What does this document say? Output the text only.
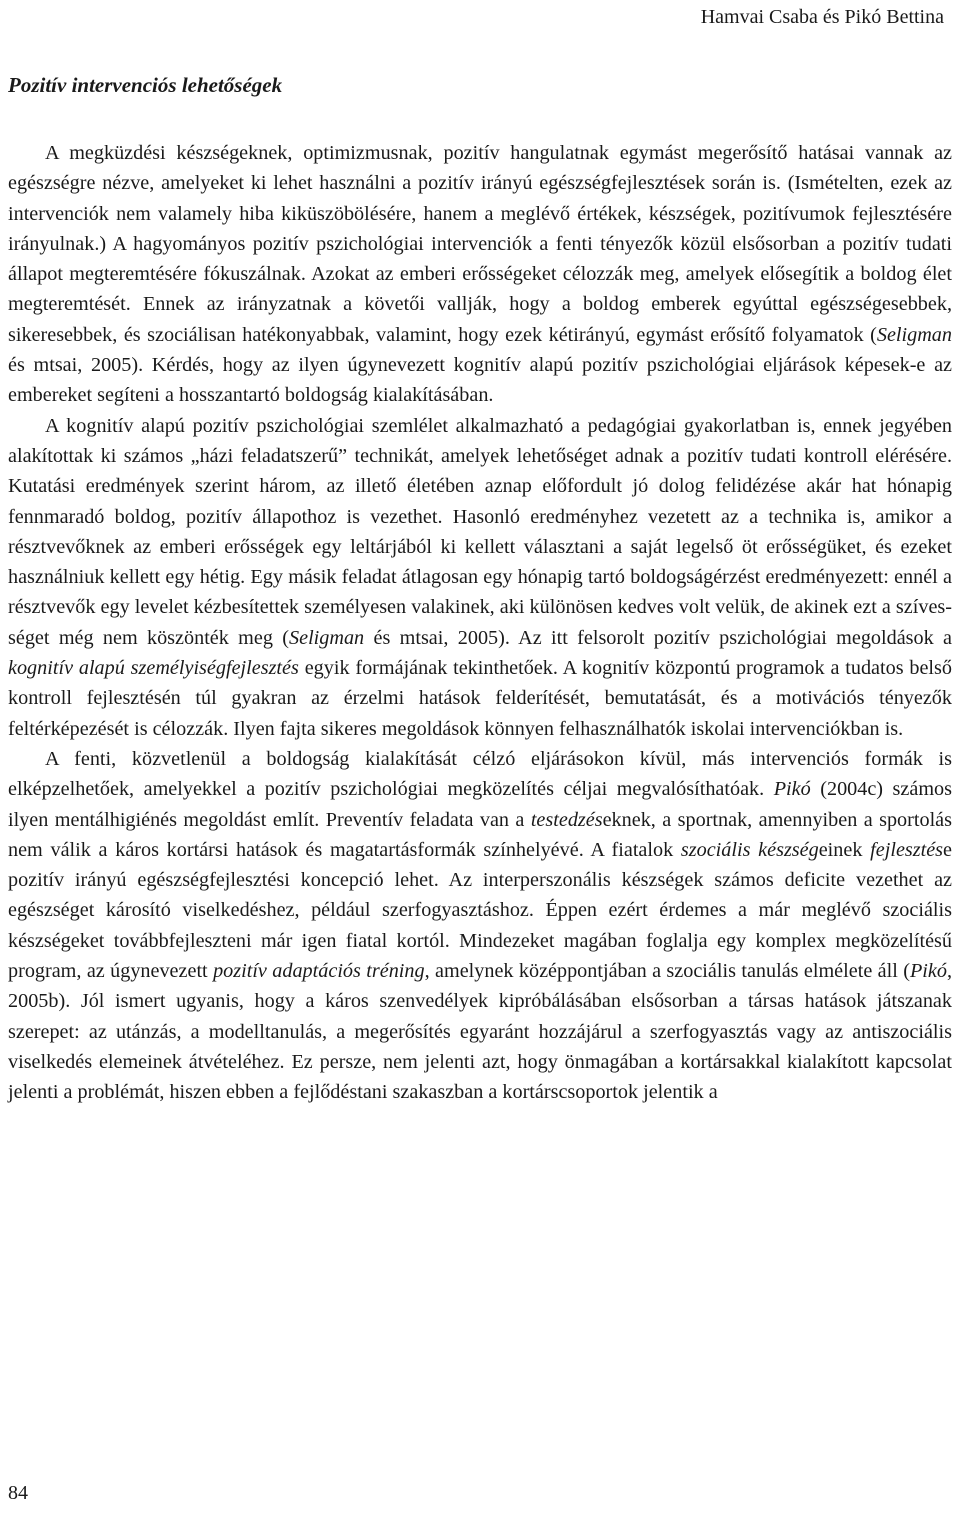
Hamvai Csaba és Pikó Bettina
Pozitív intervenciós lehetőségek

A megküzdési készségeknek, optimizmusnak, pozitív hangulatnak egymást megerősítő hatásai vannak az egészségre nézve, amelyeket ki lehet használni a pozitív irányú egészségfejlesztések során is. (Ismételten, ezek az intervenciók nem valamely hiba kiküszöbölésére, hanem a meglévő értékek, készségek, pozitívumok fejlesztésére irányulnak.) A hagyományos pozitív pszichológiai intervenciók a fenti tényezők közül elsősorban a pozitív tudati állapot megteremtésére fókuszálnak. Azokat az emberi erősségeket célozzák meg, amelyek elősegítik a boldog élet megteremtését. Ennek az irányzatnak a követői vallják, hogy a boldog emberek egyúttal egészségesebbek, sikeresebbek, és szociálisan hatékonyabbak, valamint, hogy ezek kétirányú, egymást erősítő folyamatok (Seligman és mtsai, 2005). Kérdés, hogy az ilyen úgynevezett kognitív alapú pozitív pszichológiai eljárások képesek-e az embereket segíteni a hosszantartó boldogság kialakításában.

A kognitív alapú pozitív pszichológiai szemlélet alkalmazható a pedagógiai gyakorlatban is, ennek jegyében alakítottak ki számos „házi feladatszerű” technikát, amelyek lehetőséget adnak a pozitív tudati kontroll elérésére. Kutatási eredmények szerint három, az illető életében aznap előfordult jó dolog felidézése akár hat hónapig fennmaradó boldog, pozitív állapothoz is vezethet. Hasonló eredményhez vezetett az a technika is, amikor a résztvevőknek az emberi erősségek egy leltárjából ki kellett választani a saját legelső öt erősségüket, és ezeket használniuk kellett egy hétig. Egy másik feladat átlagosan egy hónapig tartó boldogságérzést eredményezett: ennél a résztvevők egy levelet kézbesítettek személyesen valakinek, aki különösen kedves volt velük, de akinek ezt a szívességet még nem köszönték meg (Seligman és mtsai, 2005). Az itt felsorolt pozitív pszichológiai megoldások a kognitív alapú személyiségfejlesztés egyik formájának tekinthetőek. A kognitív központú programok a tudatos belső kontroll fejlesztésén túl gyakran az érzelmi hatások felderítését, bemutatását, és a motivációs tényezők feltérképezését is célozzák. Ilyen fajta sikeres megoldások könnyen felhasználhatók iskolai intervenciókban is.

A fenti, közvetlenül a boldogság kialakítását célzó eljárásokon kívül, más intervenciós formák is elképzelhetőek, amelyekkel a pozitív pszichológiai megközelítés céljai megvalósíthatóak. Pikó (2004c) számos ilyen mentálhigiénés megoldást említ. Preventív feladata van a testedzéseknek, a sportnak, amennyiben a sportolás nem válik a káros kortársi hatások és magatartásformák színhelyévé. A fiatalok szociális készségeinek fejlesztése pozitív irányú egészségfejlesztési koncepció lehet. Az interperszonális készségek számos deficite vezethet az egészséget károsító viselkedéshez, például szerfogyasztáshoz. Éppen ezért érdemes a már meglévő szociális készségeket továbbfejleszteni már igen fiatal kortól. Mindezeket magában foglalja egy komplex megközelítésű program, az úgynevezett pozitív adaptációs tréning, amelynek középpontjában a szociális tanulás elmélete áll (Pikó, 2005b). Jól ismert ugyanis, hogy a káros szenvedélyek kipróbálásában elsősorban a társas hatások játszanak szerepet: az utánzás, a modelltanulás, a megerősítés egyaránt hozzájárul a szerfogyasztás vagy az antiszociális viselkedés elemeinek átvételéhez. Ez persze, nem jelenti azt, hogy önmagában a kortársakkal kialakított kapcsolat jelenti a problémát, hiszen ebben a fejlődéstani szakaszban a kortárscsoportok jelentik a

84
